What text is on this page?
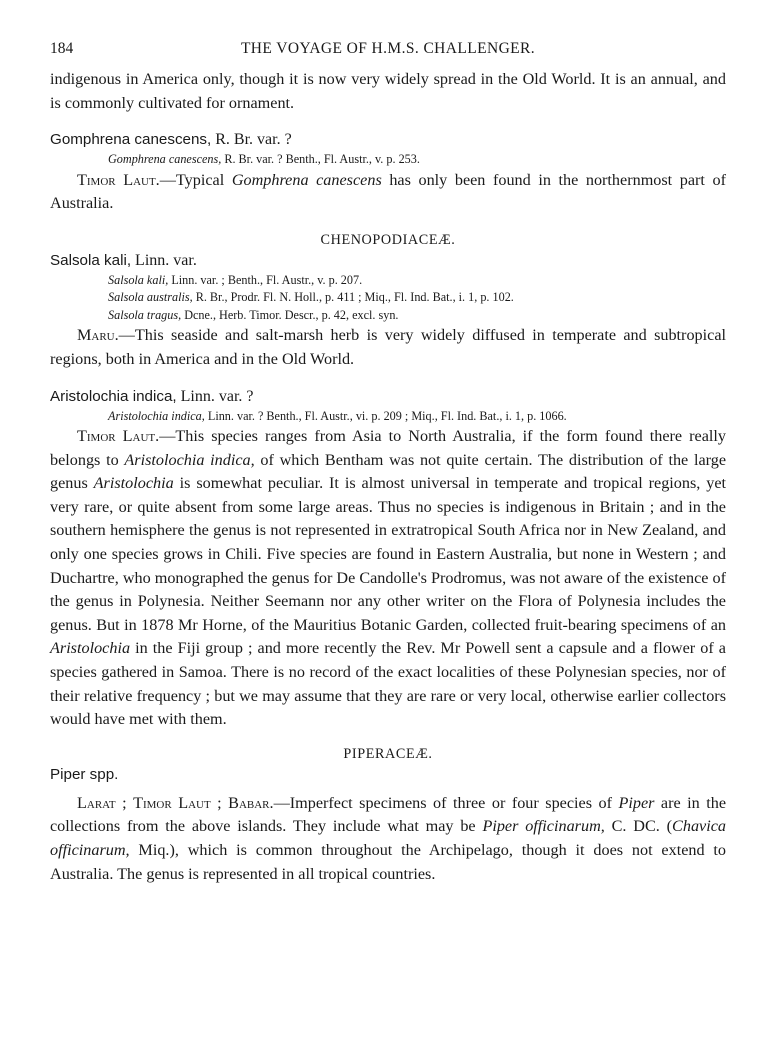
184	THE VOYAGE OF H.M.S. CHALLENGER.

indigenous in America only, though it is now very widely spread in the Old World. It is an annual, and is commonly cultivated for ornament.

Gomphrena canescens, R. Br. var. ?
Gomphrena canescens, R. Br. var. ? Benth., Fl. Austr., v. p. 253.

Timor Laut.—Typical Gomphrena canescens has only been found in the northernmost part of Australia.

CHENOPODIACEÆ.
Salsola kali, Linn. var.
Salsola kali, Linn. var. ; Benth., Fl. Austr., v. p. 207.
Salsola australis, R. Br., Prodr. Fl. N. Holl., p. 411 ; Miq., Fl. Ind. Bat., i. 1, p. 102.
Salsola tragus, Dcne., Herb. Timor. Descr., p. 42, excl. syn.

Maru.—This seaside and salt-marsh herb is very widely diffused in temperate and subtropical regions, both in America and in the Old World.

Aristolochia indica, Linn. var. ?
Aristolochia indica, Linn. var. ? Benth., Fl. Austr., vi. p. 209 ; Miq., Fl. Ind. Bat., i. 1, p. 1066.

Timor Laut.—This species ranges from Asia to North Australia, if the form found there really belongs to Aristolochia indica, of which Bentham was not quite certain. The distribution of the large genus Aristolochia is somewhat peculiar. It is almost universal in temperate and tropical regions, yet very rare, or quite absent from some large areas. Thus no species is indigenous in Britain ; and in the southern hemisphere the genus is not represented in extratropical South Africa nor in New Zealand, and only one species grows in Chili. Five species are found in Eastern Australia, but none in Western ; and Duchartre, who monographed the genus for De Candolle's Prodromus, was not aware of the existence of the genus in Polynesia. Neither Seemann nor any other writer on the Flora of Polynesia includes the genus. But in 1878 Mr Horne, of the Mauritius Botanic Garden, collected fruit-bearing specimens of an Aristolochia in the Fiji group ; and more recently the Rev. Mr Powell sent a capsule and a flower of a species gathered in Samoa. There is no record of the exact localities of these Polynesian species, nor of their relative frequency ; but we may assume that they are rare or very local, otherwise earlier collectors would have met with them.

PIPERACEÆ.
Piper spp.

Larat ; Timor Laut ; Babar.—Imperfect specimens of three or four species of Piper are in the collections from the above islands. They include what may be Piper officinarum, C. DC. (Chavica officinarum, Miq.), which is common throughout the Archipelago, though it does not extend to Australia. The genus is represented in all tropical countries.
